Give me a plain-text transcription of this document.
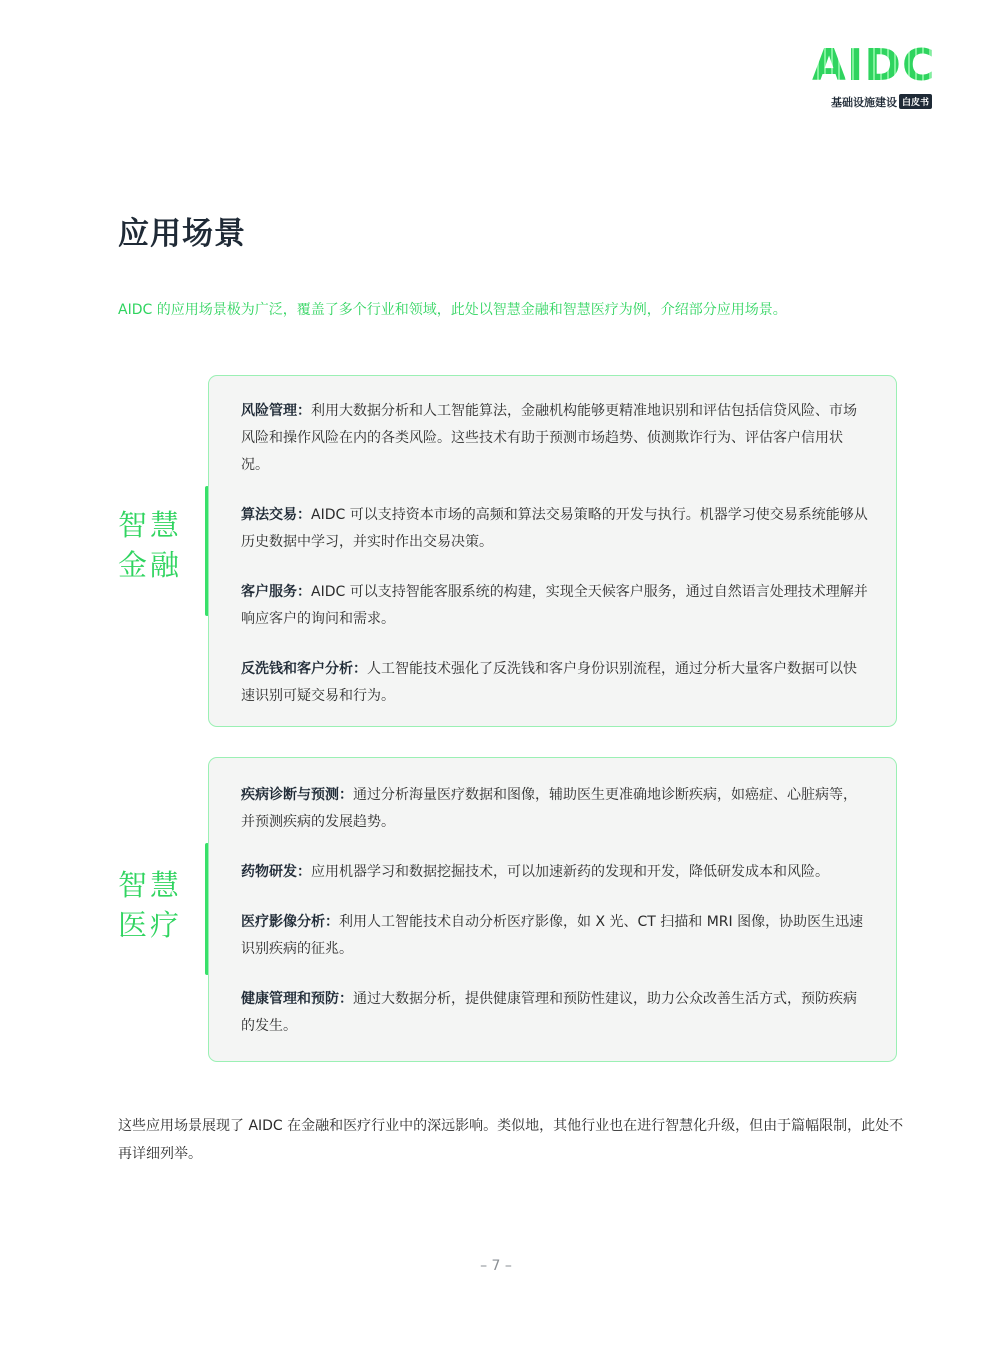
AIDC
基础设施建设 白皮书
应用场景
AIDC 的应用场景极为广泛，覆盖了多个行业和领域，此处以智慧金融和智慧医疗为例，介绍部分应用场景。
智慧
金融

风险管理：利用大数据分析和人工智能算法，金融机构能够更精准地识别和评估包括信贷风险、市场风险和操作风险在内的各类风险。这些技术有助于预测市场趋势、侦测欺诈行为、评估客户信用状况。

算法交易：AIDC 可以支持资本市场的高频和算法交易策略的开发与执行。机器学习使交易系统能够从历史数据中学习，并实时作出交易决策。

客户服务：AIDC 可以支持智能客服系统的构建，实现全天候客户服务，通过自然语言处理技术理解并响应客户的询问和需求。

反洗钱和客户分析：人工智能技术强化了反洗钱和客户身份识别流程，通过分析大量客户数据可以快速识别可疑交易和行为。

智慧
医疗

疾病诊断与预测：通过分析海量医疗数据和图像，辅助医生更准确地诊断疾病，如癌症、心脏病等，并预测疾病的发展趋势。

药物研发：应用机器学习和数据挖掘技术，可以加速新药的发现和开发，降低研发成本和风险。

医疗影像分析：利用人工智能技术自动分析医疗影像，如 X 光、CT 扫描和 MRI 图像，协助医生迅速识别疾病的征兆。

健康管理和预防：通过大数据分析，提供健康管理和预防性建议，助力公众改善生活方式，预防疾病的发生。

这些应用场景展现了 AIDC 在金融和医疗行业中的深远影响。类似地，其他行业也在进行智慧化升级，但由于篇幅限制，此处不再详细列举。
– 7 –
